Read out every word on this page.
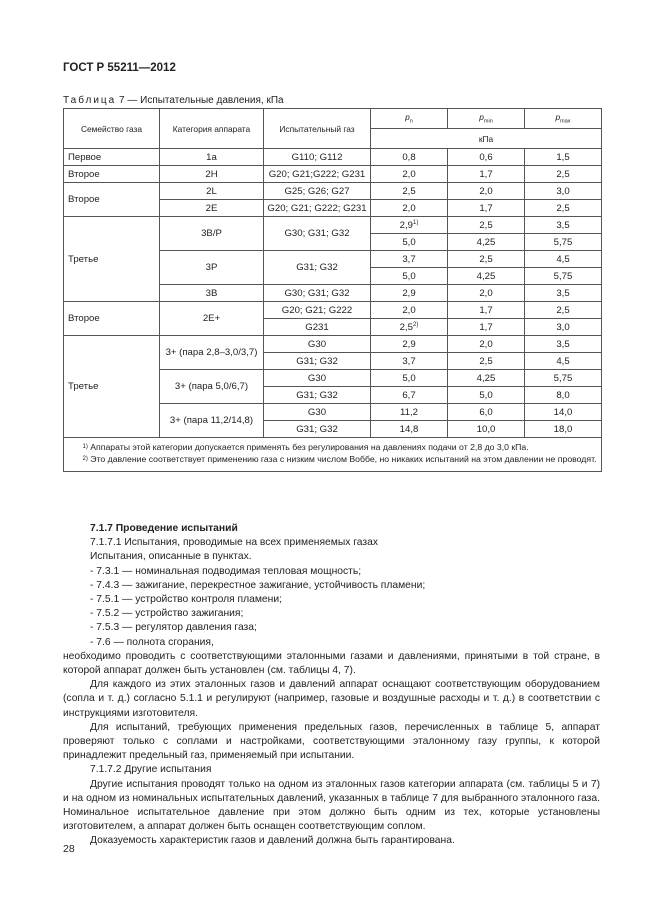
ГОСТ Р 55211—2012
Таблица 7 — Испытательные давления, кПа
Семейство газа	Категория аппарата	Испытательный газ	$p_n$	$p_{min}$	$p_{max}$
			кПа		
Первое	1a	G110; G112	0,8	0,6	1,5
Второе	2H	G20; G21;G222; G231	2,0	1,7	2,5
Второе	2L	G25; G26; G27	2,5	2,0	3,0
	2E	G20; G21; G222; G231	2,0	1,7	2,5
Третье	3B/P	G30; G31; G32	2,9$^{1)}$	2,5	3,5
			5,0	4,25	5,75
	3P	G31; G32	3,7	2,5	4,5
			5,0	4,25	5,75
	3B	G30; G31; G32	2,9	2,0	3,5
Второе	2E+	G20; G21; G222	2,0	1,7	2,5
		G231	2,5$^{2)}$	1,7	3,0
Третье	3+ (пара 2,8–3,0/3,7)	G30	2,9	2,0	3,5
		G31; G32	3,7	2,5	4,5
	3+ (пара 5,0/6,7)	G30	5,0	4,25	5,75
		G31; G32	6,7	5,0	8,0
	3+ (пара 11,2/14,8)	G30	11,2	6,0	14,0
		G31; G32	14,8	10,0	18,0

$^{1)}$ Аппараты этой категории допускается применять без регулирования на давлениях подачи от 2,8 до 3,0 кПа.
$^{2)}$ Это давление соответствует применению газа с низким числом Воббе, но никаких испытаний на этом давлении не проводят.					

7.1.7 Проведение испытаний

7.1.7.1 Испытания, проводимые на всех применяемых газах

Испытания, описанные в пунктах.

- 7.3.1 — номинальная подводимая тепловая мощность;

- 7.4.3 — зажигание, перекрестное зажигание, устойчивость пламени;

- 7.5.1 — устройство контроля пламени;

- 7.5.2 — устройство зажигания;

- 7.5.3 — регулятор давления газа;

- 7.6 — полнота сгорания,

необходимо проводить с соответствующими эталонными газами и давлениями, принятыми в той стране, в которой аппарат должен быть установлен (см. таблицы 4, 7).

Для каждого из этих эталонных газов и давлений аппарат оснащают соответствующим оборудованием (сопла и т. д.) согласно 5.1.1 и регулируют (например, газовые и воздушные расходы и т. д.) в соответствии с инструкциями изготовителя.

Для испытаний, требующих применения предельных газов, перечисленных в таблице 5, аппарат проверяют только с соплами и настройками, соответствующими эталонному газу группы, к которой принадлежит предельный газ, применяемый при испытании.

7.1.7.2 Другие испытания

Другие испытания проводят только на одном из эталонных газов категории аппарата (см. таблицы 5 и 7) и на одном из номинальных испытательных давлений, указанных в таблице 7 для выбранного эталонного газа. Номинальное испытательное давление при этом должно быть одним из тех, которые установлены изготовителем, а аппарат должен быть оснащен соответствующим соплом.

Доказуемость характеристик газов и давлений должна быть гарантирована.

28
